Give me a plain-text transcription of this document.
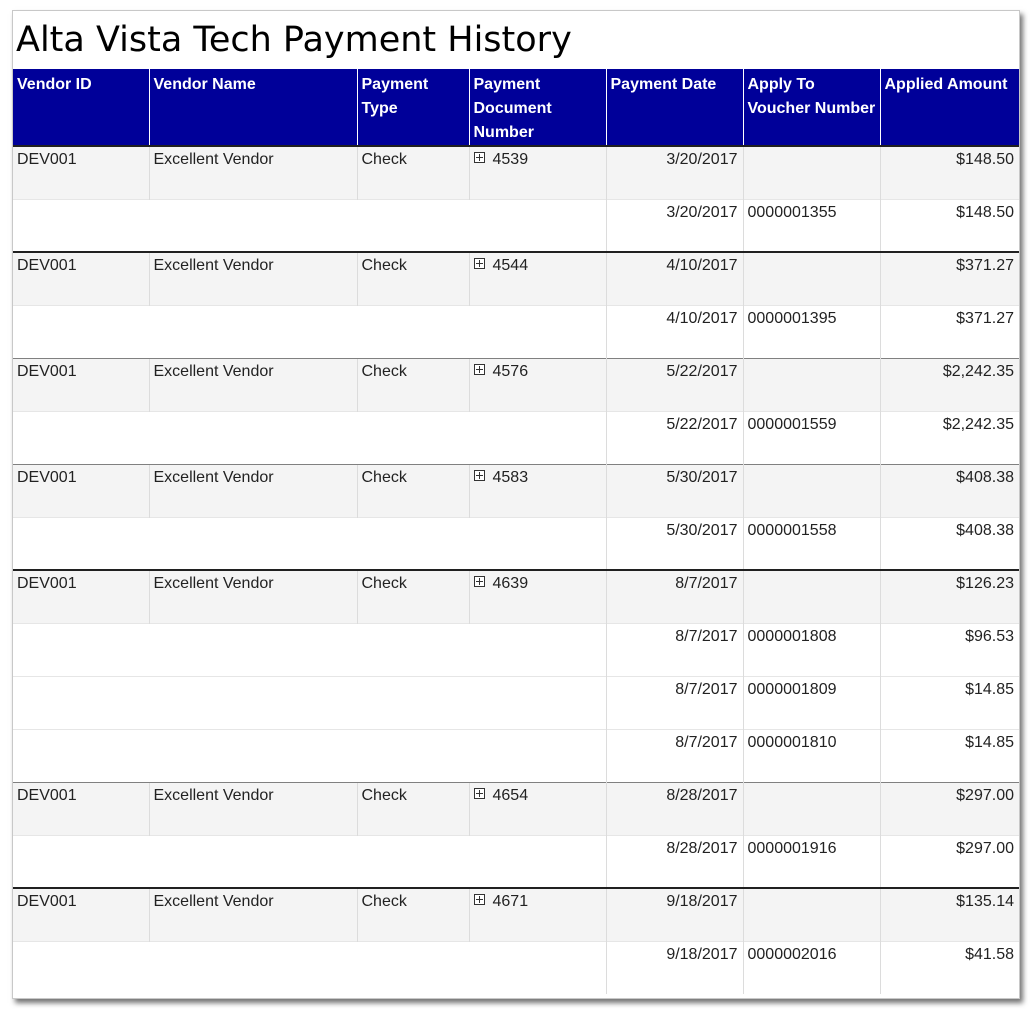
Alta Vista Tech Payment History
Vendor ID	Vendor Name	Payment Type	Payment Document Number	Payment Date	Apply To Voucher Number	Applied Amount
DEV001	Excellent Vendor	Check	4539	3/20/2017		$148.50
				3/20/2017	0000001355	$148.50
DEV001	Excellent Vendor	Check	4544	4/10/2017		$371.27
				4/10/2017	0000001395	$371.27
DEV001	Excellent Vendor	Check	4576	5/22/2017		$2,242.35
				5/22/2017	0000001559	$2,242.35
DEV001	Excellent Vendor	Check	4583	5/30/2017		$408.38
				5/30/2017	0000001558	$408.38
DEV001	Excellent Vendor	Check	4639	8/7/2017		$126.23
				8/7/2017	0000001808	$96.53
				8/7/2017	0000001809	$14.85
				8/7/2017	0000001810	$14.85
DEV001	Excellent Vendor	Check	4654	8/28/2017		$297.00
				8/28/2017	0000001916	$297.00
DEV001	Excellent Vendor	Check	4671	9/18/2017		$135.14
				9/18/2017	0000002016	$41.58
